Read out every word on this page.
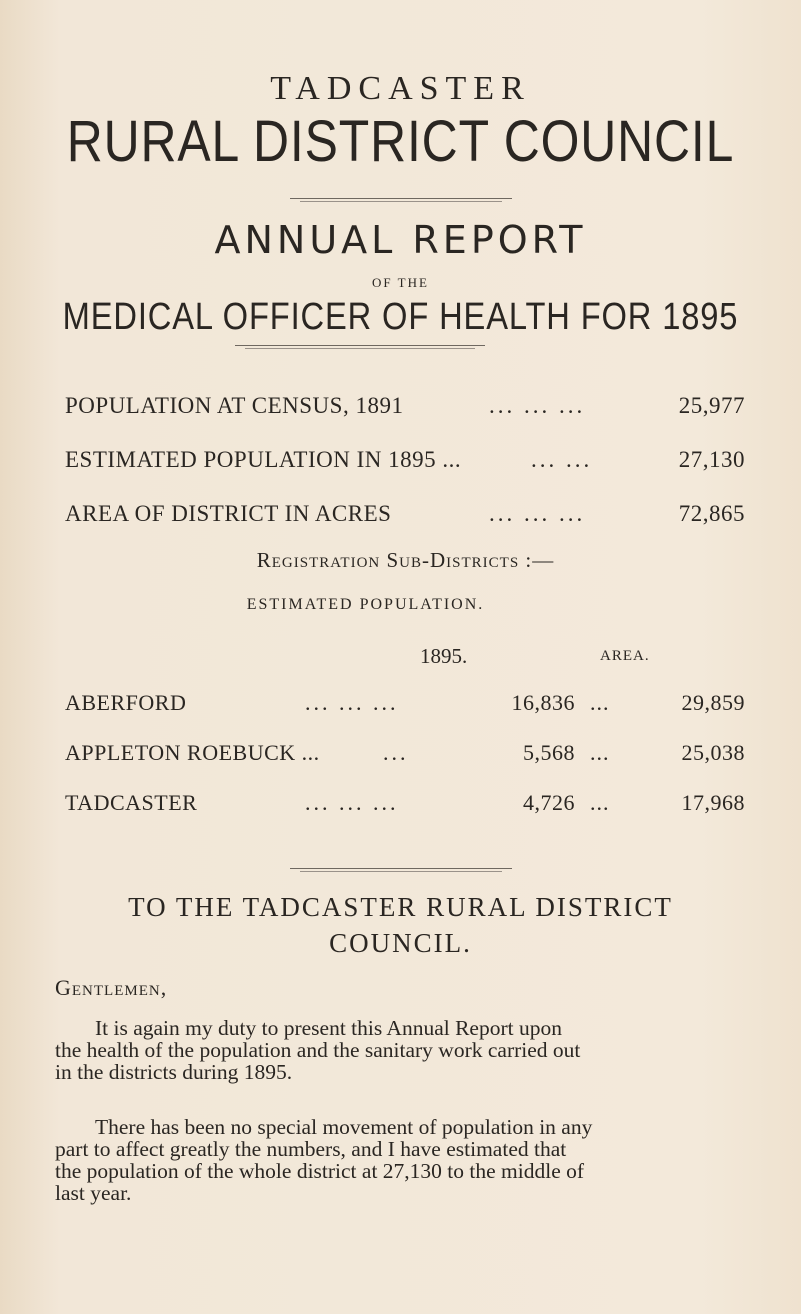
TADCASTER
RURAL DISTRICT COUNCIL
ANNUAL REPORT
OF THE
MEDICAL OFFICER OF HEALTH FOR 1895
POPULATION AT CENSUS, 1891	... ... ...	25,977
ESTIMATED POPULATION IN 1895 ...	... ...	27,130
AREA OF DISTRICT IN ACRES	... ... ...	72,865
Registration Sub-Districts :—
ESTIMATED POPULATION.
1895.	AREA.
ABERFORD	... ... ...	16,836 ...	29,859
APPLETON ROEBUCK ...	...	5,568 ...	25,038
TADCASTER	... ... ...	4,726 ...	17,968
TO THE TADCASTER RURAL DISTRICT
COUNCIL.
Gentlemen,
It is again my duty to present this Annual Report upon
the health of the population and the sanitary work carried out
in the districts during 1895.
There has been no special movement of population in any
part to affect greatly the numbers, and I have estimated that
the population of the whole district at 27,130 to the middle of
last year.
